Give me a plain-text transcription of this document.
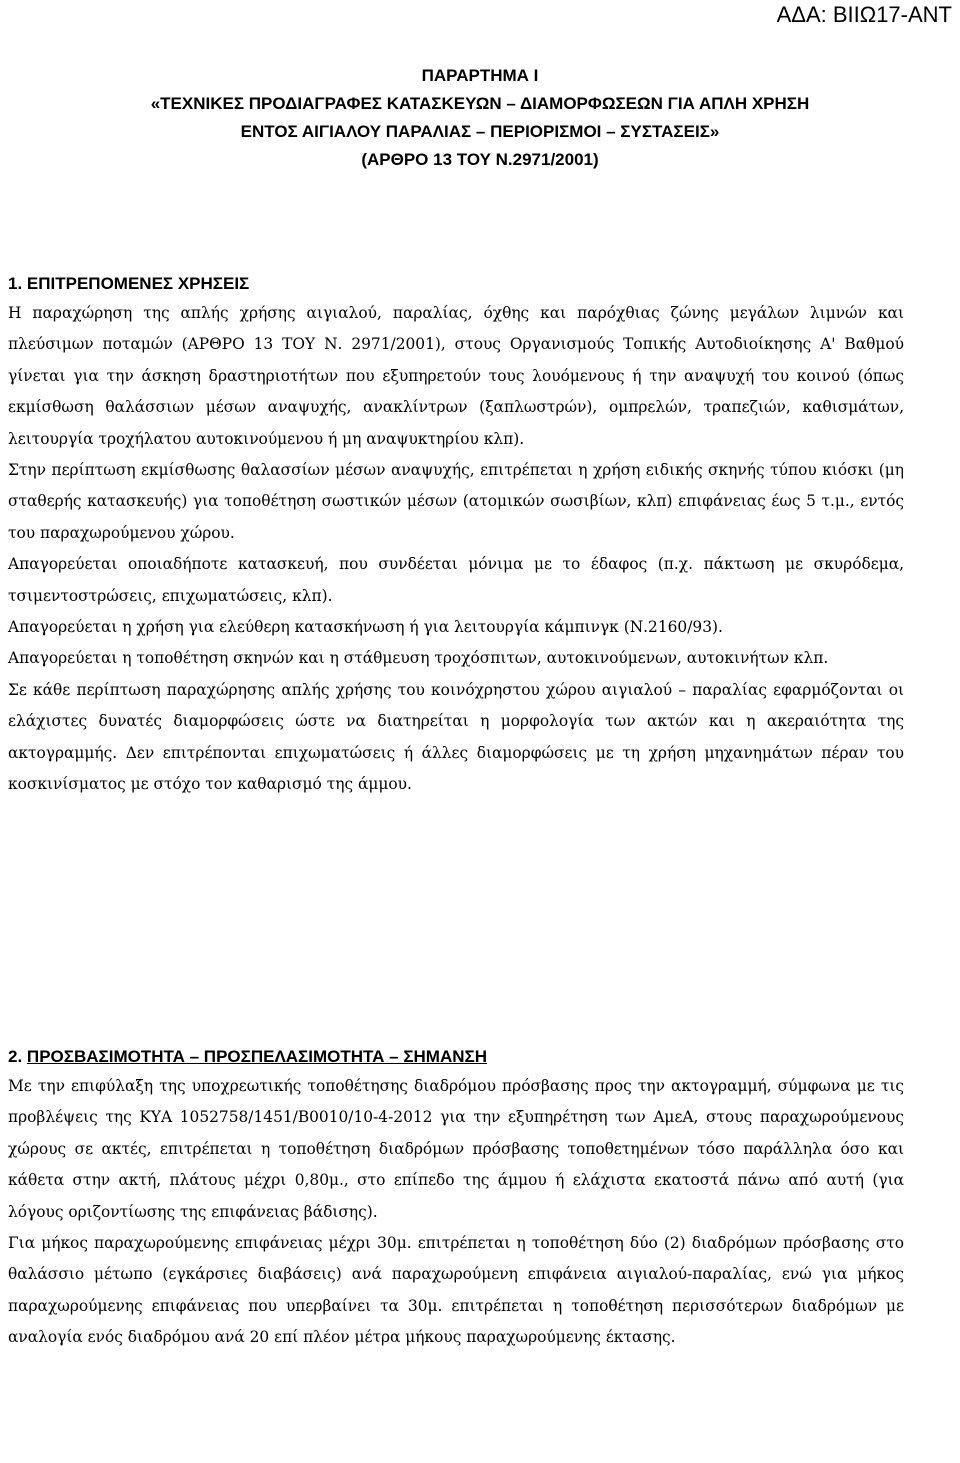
ΑΔΑ: ΒΙΙΩ17-ΑΝΤ
ΠΑΡΑΡΤΗΜΑ Ι
«ΤΕΧΝΙΚΕΣ ΠΡΟΔΙΑΓΡΑΦΕΣ ΚΑΤΑΣΚΕΥΩΝ – ΔΙΑΜΟΡΦΩΣΕΩΝ ΓΙΑ ΑΠΛΗ ΧΡΗΣΗ
ΕΝΤΟΣ ΑΙΓΙΑΛΟΥ ΠΑΡΑΛΙΑΣ – ΠΕΡΙΟΡΙΣΜΟΙ – ΣΥΣΤΑΣΕΙΣ»
(ΑΡΘΡΟ 13 ΤΟΥ Ν.2971/2001)
1. ΕΠΙΤΡΕΠΟΜΕΝΕΣ ΧΡΗΣΕΙΣ

Η παραχώρηση της απλής χρήσης αιγιαλού, παραλίας, όχθης και παρόχθιας ζώνης μεγάλων λιμνών και πλεύσιμων ποταμών (ΑΡΘΡΟ 13 ΤΟΥ Ν. 2971/2001), στους Οργανισμούς Τοπικής Αυτοδιοίκησης Α' Βαθμού γίνεται για την άσκηση δραστηριοτήτων που εξυπηρετούν τους λουόμενους ή την αναψυχή του κοινού (όπως εκμίσθωση θαλάσσιων μέσων αναψυχής, ανακλίντρων (ξαπλωστρών), ομπρελών, τραπεζιών, καθισμάτων, λειτουργία τροχήλατου αυτοκινούμενου ή μη αναψυκτηρίου κλπ).

Στην περίπτωση εκμίσθωσης θαλασσίων μέσων αναψυχής, επιτρέπεται η χρήση ειδικής σκηνής τύπου κιόσκι (μη σταθερής κατασκευής) για τοποθέτηση σωστικών μέσων (ατομικών σωσιβίων, κλπ) επιφάνειας έως 5 τ.μ., εντός του παραχωρούμενου χώρου.

Απαγορεύεται οποιαδήποτε κατασκευή, που συνδέεται μόνιμα με το έδαφος (π.χ. πάκτωση με σκυρόδεμα, τσιμεντοστρώσεις, επιχωματώσεις, κλπ).

Απαγορεύεται η χρήση για ελεύθερη κατασκήνωση ή για λειτουργία κάμπινγκ (Ν.2160/93).

Απαγορεύεται η τοποθέτηση σκηνών και η στάθμευση τροχόσπιτων, αυτοκινούμενων, αυτοκινήτων κλπ.

Σε κάθε περίπτωση παραχώρησης απλής χρήσης του κοινόχρηστου χώρου αιγιαλού – παραλίας εφαρμόζονται οι ελάχιστες δυνατές διαμορφώσεις ώστε να διατηρείται η μορφολογία των ακτών και η ακεραιότητα της ακτογραμμής. Δεν επιτρέπονται επιχωματώσεις ή άλλες διαμορφώσεις με τη χρήση μηχανημάτων πέραν του κοσκινίσματος με στόχο τον καθαρισμό της άμμου.

2. ΠΡΟΣΒΑΣΙΜΟΤΗΤΑ – ΠΡΟΣΠΕΛΑΣΙΜΟΤΗΤΑ – ΣΗΜΑΝΣΗ

Με την επιφύλαξη της υποχρεωτικής τοποθέτησης διαδρόμου πρόσβασης προς την ακτογραμμή, σύμφωνα με τις προβλέψεις της ΚΥΑ 1052758/1451/Β0010/10-4-2012 για την εξυπηρέτηση των ΑμεΑ, στους παραχωρούμενους χώρους σε ακτές, επιτρέπεται η τοποθέτηση διαδρόμων πρόσβασης τοποθετημένων τόσο παράλληλα όσο και κάθετα στην ακτή, πλάτους μέχρι 0,80μ., στο επίπεδο της άμμου ή ελάχιστα εκατοστά πάνω από αυτή (για λόγους οριζοντίωσης της επιφάνειας βάδισης).

Για μήκος παραχωρούμενης επιφάνειας μέχρι 30μ. επιτρέπεται η τοποθέτηση δύο (2) διαδρόμων πρόσβασης στο θαλάσσιο μέτωπο (εγκάρσιες διαβάσεις) ανά παραχωρούμενη επιφάνεια αιγιαλού-παραλίας, ενώ για μήκος παραχωρούμενης επιφάνειας που υπερβαίνει τα 30μ. επιτρέπεται η τοποθέτηση περισσότερων διαδρόμων με αναλογία ενός διαδρόμου ανά 20 επί πλέον μέτρα μήκους παραχωρούμενης έκτασης.
